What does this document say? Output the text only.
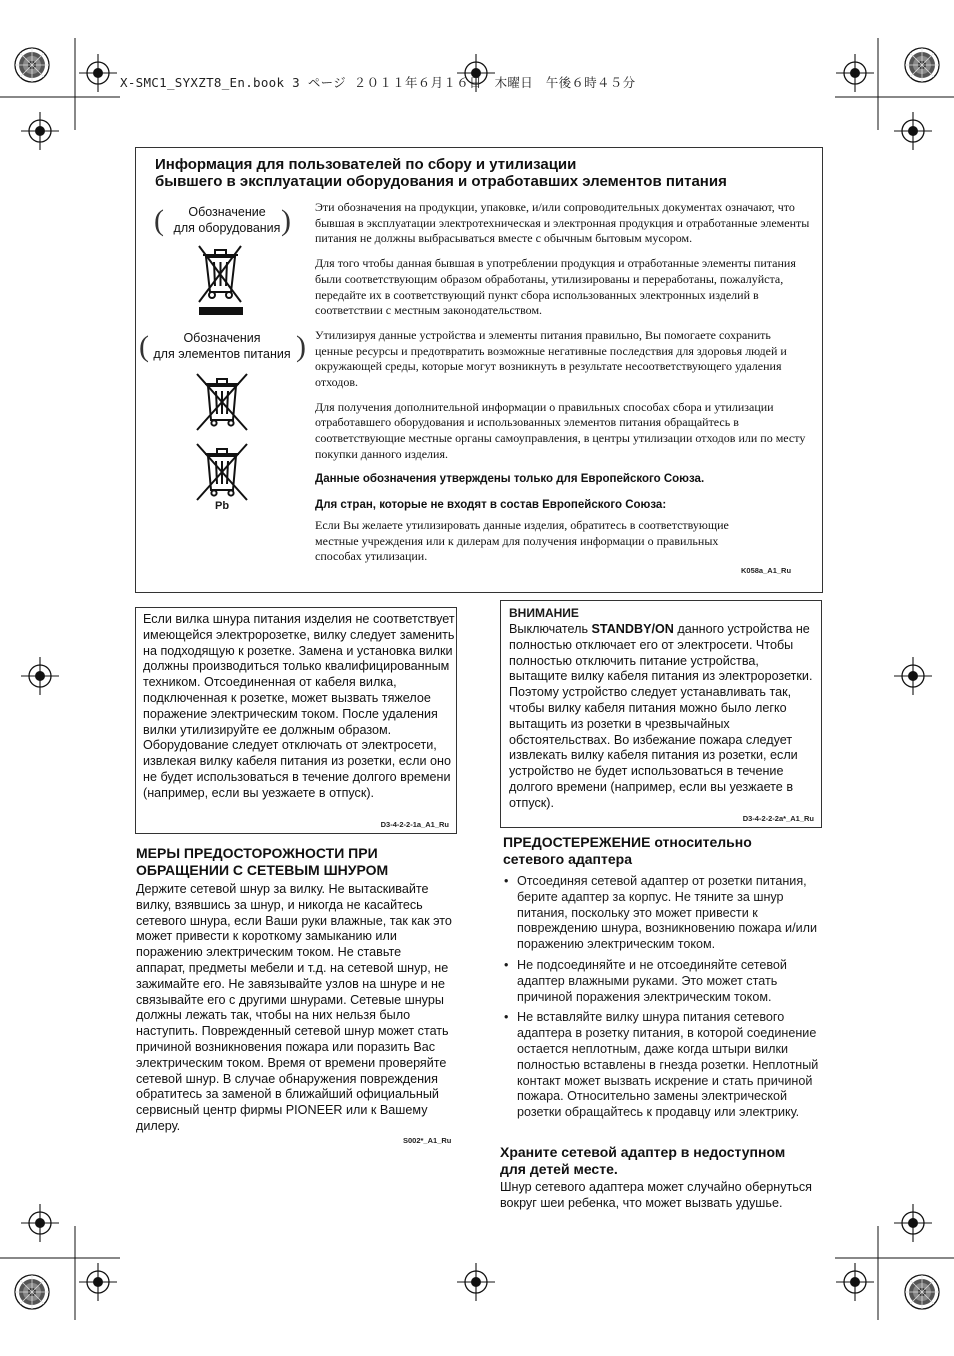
X-SMC1_SYXZT8_En.book 3 ページ ２０１１年６月１６日　木曜日　午後６時４５分
Информация для пользователей по сбору и утилизации
бывшего в эксплуатации оборудования и отработавших элементов питания
(	Обозначение
для оборудования )
(	Обозначения
для элементов питания )
Pb

Эти обозначения на продукции, упаковке, и/или сопроводительных документах означают, что бывшая в эксплуатации электротехническая и электронная продукция и отработанные элементы питания не должны выбрасываться вместе с обычным бытовым мусором.

Для того чтобы данная бывшая в употреблении продукция и отработанные элементы питания были соответствующим образом обработаны, утилизированы и переработаны, пожалуйста, передайте их в соответствующий пункт сбора использованных электронных изделий в соответствии с местным законодательством.

Утилизируя данные устройства и элементы питания правильно, Вы помогаете сохранить ценные ресурсы и предотвратить возможные негативные последствия для здоровья людей и окружающей среды, которые могут возникнуть в результате несоответствующего удаления отходов.

Для получения дополнительной информации о правильных способах сбора и утилизации отработавшего оборудования и использованных элементов питания обращайтесь в соответствующие местные органы самоуправления, в центры утилизации отходов или по месту покупки данного изделия.

Данные обозначения утверждены только для Европейского Союза.

Для стран, которые не входят в состав Европейского Союза:

Если Вы желаете утилизировать данные изделия, обратитесь в соответствующие местные учреждения или к дилерам для получения информации о правильных способах утилизации.

K058a_A1_Ru
Если вилка шнура питания изделия не соответствует имеющейся электророзетке, вилку следует заменить на подходящую к розетке. Замена и установка вилки должны производиться только квалифицированным техником. Отсоединенная от кабеля вилка, подключенная к розетке, может вызвать тяжелое поражение электрическим током. После удаления вилки утилизируйте ее должным образом. Оборудование следует отключать от электросети, извлекая вилку кабеля питания из розетки, если оно не будет использоваться в течение долгого времени (например, если вы уезжаете в отпуск).
D3-4-2-2-1a_A1_Ru
МЕРЫ ПРЕДОСТОРОЖНОСТИ ПРИ
ОБРАЩЕНИИ С СЕТЕВЫМ ШНУРОМ
Держите сетевой шнур за вилку. Не вытаскивайте вилку, взявшись за шнур, и никогда не касайтесь сетевого шнура, если Ваши руки влажные, так как это может привести к короткому замыканию или поражению электрическим током. Не ставьте аппарат, предметы мебели и т.д. на сетевой шнур, не зажимайте его. Не завязывайте узлов на шнуре и не связывайте его с другими шнурами. Сетевые шнуры должны лежать так, чтобы на них нельзя было наступить. Поврежденный сетевой шнур может стать причиной возникновения пожара или поразить Вас электрическим током. Время от времени проверяйте сетевой шнур. В случае обнаружения повреждения обратитесь за заменой в ближайший официальный сервисный центр фирмы PIONEER или к Вашему дилеру.
S002*_A1_Ru
ВНИМАНИЕ
Выключатель STANDBY/ON данного устройства не полностью отключает его от электросети. Чтобы полностью отключить питание устройства, вытащите вилку кабеля питания из электророзетки. Поэтому устройство следует устанавливать так, чтобы вилку кабеля питания можно было легко вытащить из розетки в чрезвычайных обстоятельствах. Во избежание пожара следует извлекать вилку кабеля питания из розетки, если устройство не будет использоваться в течение долгого времени (например, если вы уезжаете в отпуск).
D3-4-2-2-2a*_A1_Ru
ПРЕДОСТЕРЕЖЕНИЕ относительно
сетевого адаптера
• Отсоединяя сетевой адаптер от розетки питания, берите адаптер за корпус. Не тяните за шнур питания, поскольку это может привести к повреждению шнура, возникновению пожара и/или поражению электрическим током.
• Не подсоединяйте и не отсоединяйте сетевой адаптер влажными руками. Это может стать причиной поражения электрическим током.
• Не вставляйте вилку шнура питания сетевого адаптера в розетку питания, в которой соединение остается неплотным, даже когда штыри вилки полностью вставлены в гнезда розетки. Неплотный контакт может вызвать искрение и стать причиной пожара. Относительно замены электрической розетки обращайтесь к продавцу или электрику.
Храните сетевой адаптер в недоступном
для детей месте.
Шнур сетевого адаптера может случайно обернуться вокруг шеи ребенка, что может вызвать удушье.
